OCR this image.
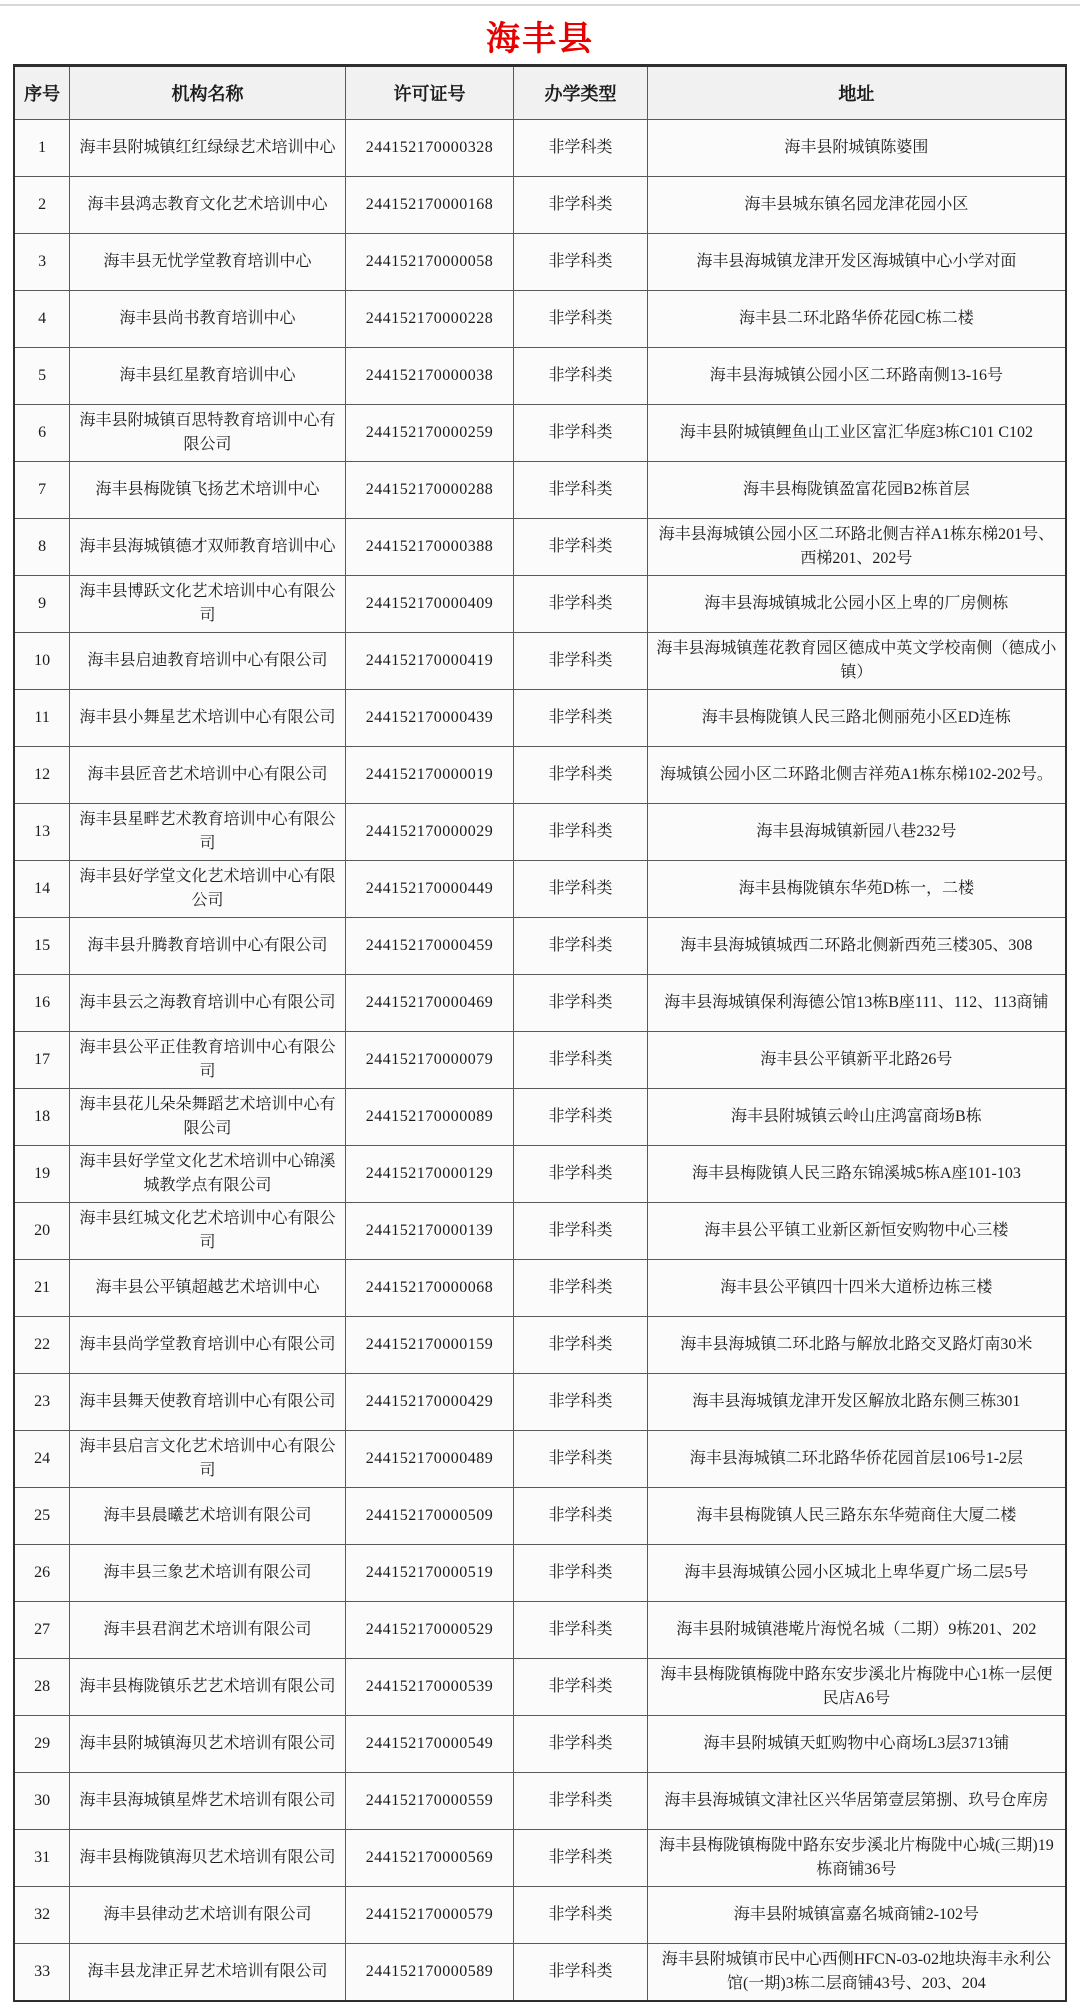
海丰县
序号	机构名称	许可证号	办学类型	地址
1	海丰县附城镇红红绿绿艺术培训中心	244152170000328	非学科类	海丰县附城镇陈婆围
2	海丰县鸿志教育文化艺术培训中心	244152170000168	非学科类	海丰县城东镇名园龙津花园小区
3	海丰县无忧学堂教育培训中心	244152170000058	非学科类	海丰县海城镇龙津开发区海城镇中心小学对面
4	海丰县尚书教育培训中心	244152170000228	非学科类	海丰县二环北路华侨花园C栋二楼
5	海丰县红星教育培训中心	244152170000038	非学科类	海丰县海城镇公园小区二环路南侧13-16号
6	海丰县附城镇百思特教育培训中心有限公司	244152170000259	非学科类	海丰县附城镇鲤鱼山工业区富汇华庭3栋C101 C102
7	海丰县梅陇镇飞扬艺术培训中心	244152170000288	非学科类	海丰县梅陇镇盈富花园B2栋首层
8	海丰县海城镇德才双师教育培训中心	244152170000388	非学科类	海丰县海城镇公园小区二环路北侧吉祥A1栋东梯201号、西梯201、202号
9	海丰县博跃文化艺术培训中心有限公司	244152170000409	非学科类	海丰县海城镇城北公园小区上卑的厂房侧栋
10	海丰县启迪教育培训中心有限公司	244152170000419	非学科类	海丰县海城镇莲花教育园区德成中英文学校南侧（德成小镇）
11	海丰县小舞星艺术培训中心有限公司	244152170000439	非学科类	海丰县梅陇镇人民三路北侧丽苑小区ED连栋
12	海丰县匠音艺术培训中心有限公司	244152170000019	非学科类	海城镇公园小区二环路北侧吉祥苑A1栋东梯102-202号。
13	海丰县星畔艺术教育培训中心有限公司	244152170000029	非学科类	海丰县海城镇新园八巷232号
14	海丰县好学堂文化艺术培训中心有限公司	244152170000449	非学科类	海丰县梅陇镇东华苑D栋一，二楼
15	海丰县升腾教育培训中心有限公司	244152170000459	非学科类	海丰县海城镇城西二环路北侧新西苑三楼305、308
16	海丰县云之海教育培训中心有限公司	244152170000469	非学科类	海丰县海城镇保利海德公馆13栋B座111、112、113商铺
17	海丰县公平正佳教育培训中心有限公司	244152170000079	非学科类	海丰县公平镇新平北路26号
18	海丰县花儿朵朵舞蹈艺术培训中心有限公司	244152170000089	非学科类	海丰县附城镇云岭山庄鸿富商场B栋
19	海丰县好学堂文化艺术培训中心锦溪城教学点有限公司	244152170000129	非学科类	海丰县梅陇镇人民三路东锦溪城5栋A座101-103
20	海丰县红城文化艺术培训中心有限公司	244152170000139	非学科类	海丰县公平镇工业新区新恒安购物中心三楼
21	海丰县公平镇超越艺术培训中心	244152170000068	非学科类	海丰县公平镇四十四米大道桥边栋三楼
22	海丰县尚学堂教育培训中心有限公司	244152170000159	非学科类	海丰县海城镇二环北路与解放北路交叉路灯南30米
23	海丰县舞天使教育培训中心有限公司	244152170000429	非学科类	海丰县海城镇龙津开发区解放北路东侧三栋301
24	海丰县启言文化艺术培训中心有限公司	244152170000489	非学科类	海丰县海城镇二环北路华侨花园首层106号1-2层
25	海丰县晨曦艺术培训有限公司	244152170000509	非学科类	海丰县梅陇镇人民三路东东华菀商住大厦二楼
26	海丰县三象艺术培训有限公司	244152170000519	非学科类	海丰县海城镇公园小区城北上卑华夏广场二层5号
27	海丰县君润艺术培训有限公司	244152170000529	非学科类	海丰县附城镇港墘片海悦名城（二期）9栋201、202
28	海丰县梅陇镇乐艺艺术培训有限公司	244152170000539	非学科类	海丰县梅陇镇梅陇中路东安步溪北片梅陇中心1栋一层便民店A6号
29	海丰县附城镇海贝艺术培训有限公司	244152170000549	非学科类	海丰县附城镇天虹购物中心商场L3层3713铺
30	海丰县海城镇星烨艺术培训有限公司	244152170000559	非学科类	海丰县海城镇文津社区兴华居第壹层第捌、玖号仓库房
31	海丰县梅陇镇海贝艺术培训有限公司	244152170000569	非学科类	海丰县梅陇镇梅陇中路东安步溪北片梅陇中心城(三期)19栋商铺36号
32	海丰县律动艺术培训有限公司	244152170000579	非学科类	海丰县附城镇富嘉名城商铺2-102号
33	海丰县龙津正昇艺术培训有限公司	244152170000589	非学科类	海丰县附城镇市民中心西侧HFCN-03-02地块海丰永利公馆(一期)3栋二层商铺43号、203、204
